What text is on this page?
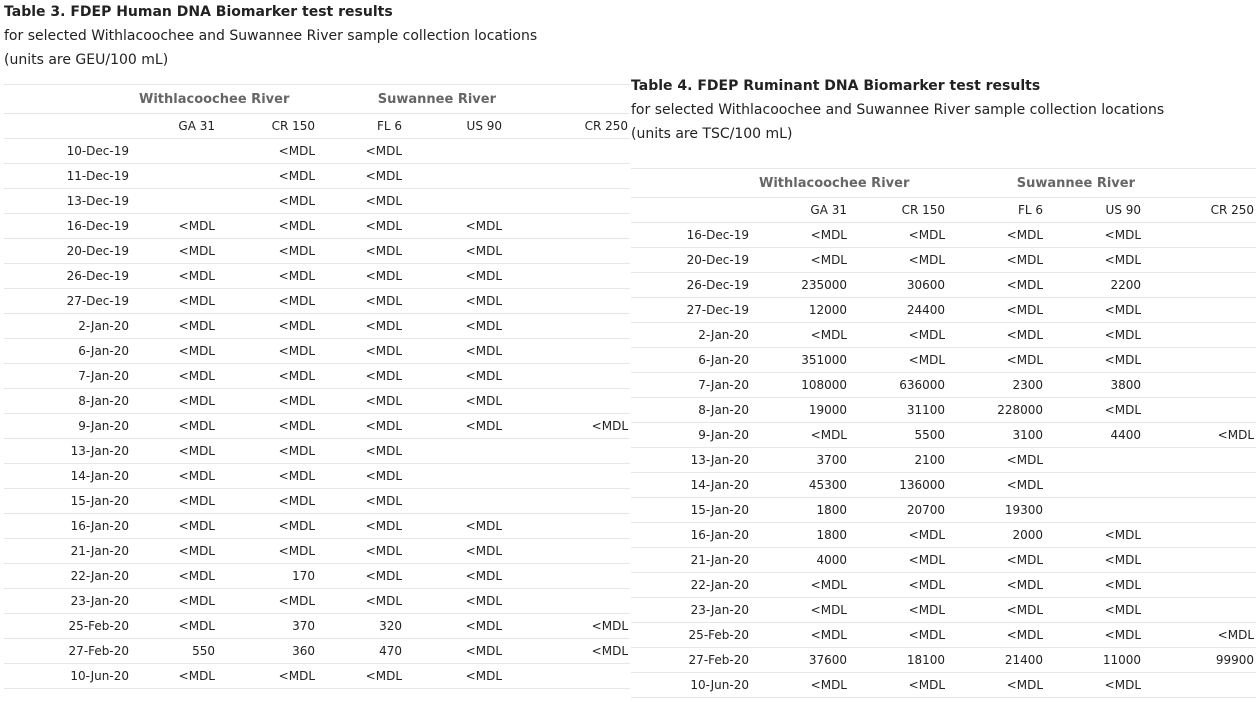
Table 3. FDEP Human DNA Biomarker test results

for selected Withlacoochee and Suwannee River sample collection locations

(units are GEU/100 mL)

	Withlacoochee River		Suwannee River		
	GA 31	CR 150	FL 6	US 90	CR 250
10-Dec-19		<MDL	<MDL		
11-Dec-19		<MDL	<MDL		
13-Dec-19		<MDL	<MDL		
16-Dec-19	<MDL	<MDL	<MDL	<MDL	
20-Dec-19	<MDL	<MDL	<MDL	<MDL	
26-Dec-19	<MDL	<MDL	<MDL	<MDL	
27-Dec-19	<MDL	<MDL	<MDL	<MDL	
2-Jan-20	<MDL	<MDL	<MDL	<MDL	
6-Jan-20	<MDL	<MDL	<MDL	<MDL	
7-Jan-20	<MDL	<MDL	<MDL	<MDL	
8-Jan-20	<MDL	<MDL	<MDL	<MDL	
9-Jan-20	<MDL	<MDL	<MDL	<MDL	<MDL
13-Jan-20	<MDL	<MDL	<MDL		
14-Jan-20	<MDL	<MDL	<MDL		
15-Jan-20	<MDL	<MDL	<MDL		
16-Jan-20	<MDL	<MDL	<MDL	<MDL	
21-Jan-20	<MDL	<MDL	<MDL	<MDL	
22-Jan-20	<MDL	170	<MDL	<MDL	
23-Jan-20	<MDL	<MDL	<MDL	<MDL	
25-Feb-20	<MDL	370	320	<MDL	<MDL
27-Feb-20	550	360	470	<MDL	<MDL
10-Jun-20	<MDL	<MDL	<MDL	<MDL	

Table 4. FDEP Ruminant DNA Biomarker test results

for selected Withlacoochee and Suwannee River sample collection locations

(units are TSC/100 mL)

	Withlacoochee River		Suwannee River		
	GA 31	CR 150	FL 6	US 90	CR 250
16-Dec-19	<MDL	<MDL	<MDL	<MDL	
20-Dec-19	<MDL	<MDL	<MDL	<MDL	
26-Dec-19	235000	30600	<MDL	2200	
27-Dec-19	12000	24400	<MDL	<MDL	
2-Jan-20	<MDL	<MDL	<MDL	<MDL	
6-Jan-20	351000	<MDL	<MDL	<MDL	
7-Jan-20	108000	636000	2300	3800	
8-Jan-20	19000	31100	228000	<MDL	
9-Jan-20	<MDL	5500	3100	4400	<MDL
13-Jan-20	3700	2100	<MDL		
14-Jan-20	45300	136000	<MDL		
15-Jan-20	1800	20700	19300		
16-Jan-20	1800	<MDL	2000	<MDL	
21-Jan-20	4000	<MDL	<MDL	<MDL	
22-Jan-20	<MDL	<MDL	<MDL	<MDL	
23-Jan-20	<MDL	<MDL	<MDL	<MDL	
25-Feb-20	<MDL	<MDL	<MDL	<MDL	<MDL
27-Feb-20	37600	18100	21400	11000	99900
10-Jun-20	<MDL	<MDL	<MDL	<MDL	
